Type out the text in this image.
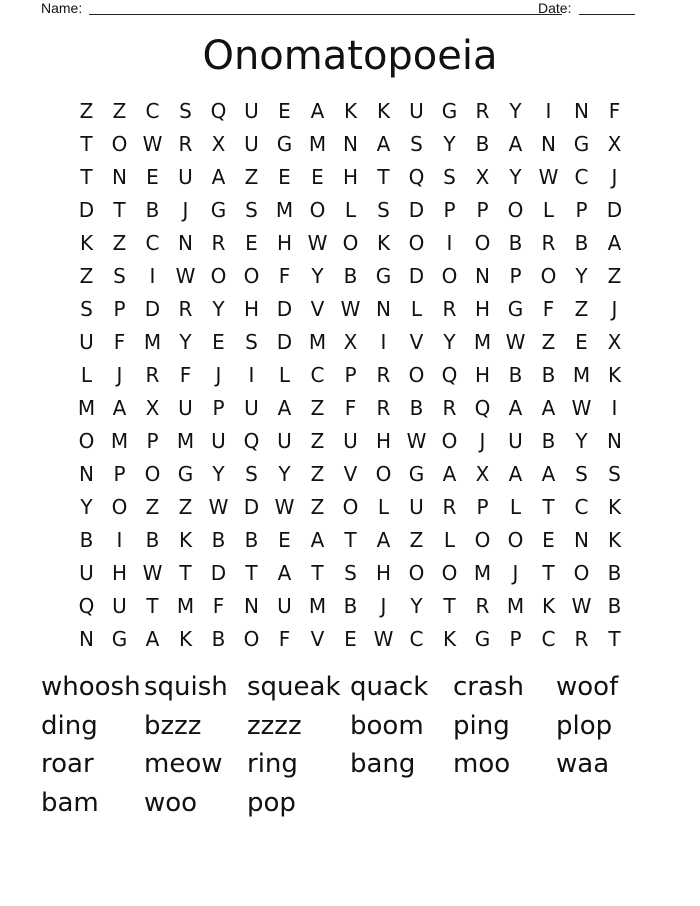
Name:	Date:
Onomatopoeia
Z Z C S Q U E A K K U G R Y	I	N F
T O W R X U G M N A S	Y	B A N G X
T N E U A Z E	E H T Q S X	Y W C	J
D T	B	J	G S M O L	S D P	P O L	P D
K Z C N R E H W O K O	I	O B R B A
Z S	I	W O O F	Y	B G D O N P O Y	Z
S	P D R Y H D V W N L	R H G F	Z	J
U F M Y	E	S D M X	I	V	Y M W Z E X
L	J	R	F	J	I	L	C P	R O Q H B B M K
M A X U P U A Z	F	R B R Q A A W	I
O M P M U Q U Z U H W O	J	U B	Y N
N P O G Y	S	Y	Z V O G A X A A S	S
Y O Z Z W D W Z O L	U R	P	L	T C K
B	I	B K B B E A	T	A Z	L O O E N K
U H W T D T	A	T	S H O O M	J	T O B
Q U T M F N U M B	J	Y	T R M K W B
N G A K B O F	V E W C K G P C R T
whoosh squish squeak quack crash woof
ding bzzz zzzz boom ping plop
roar meow ring bang moo waa
bam woo pop
